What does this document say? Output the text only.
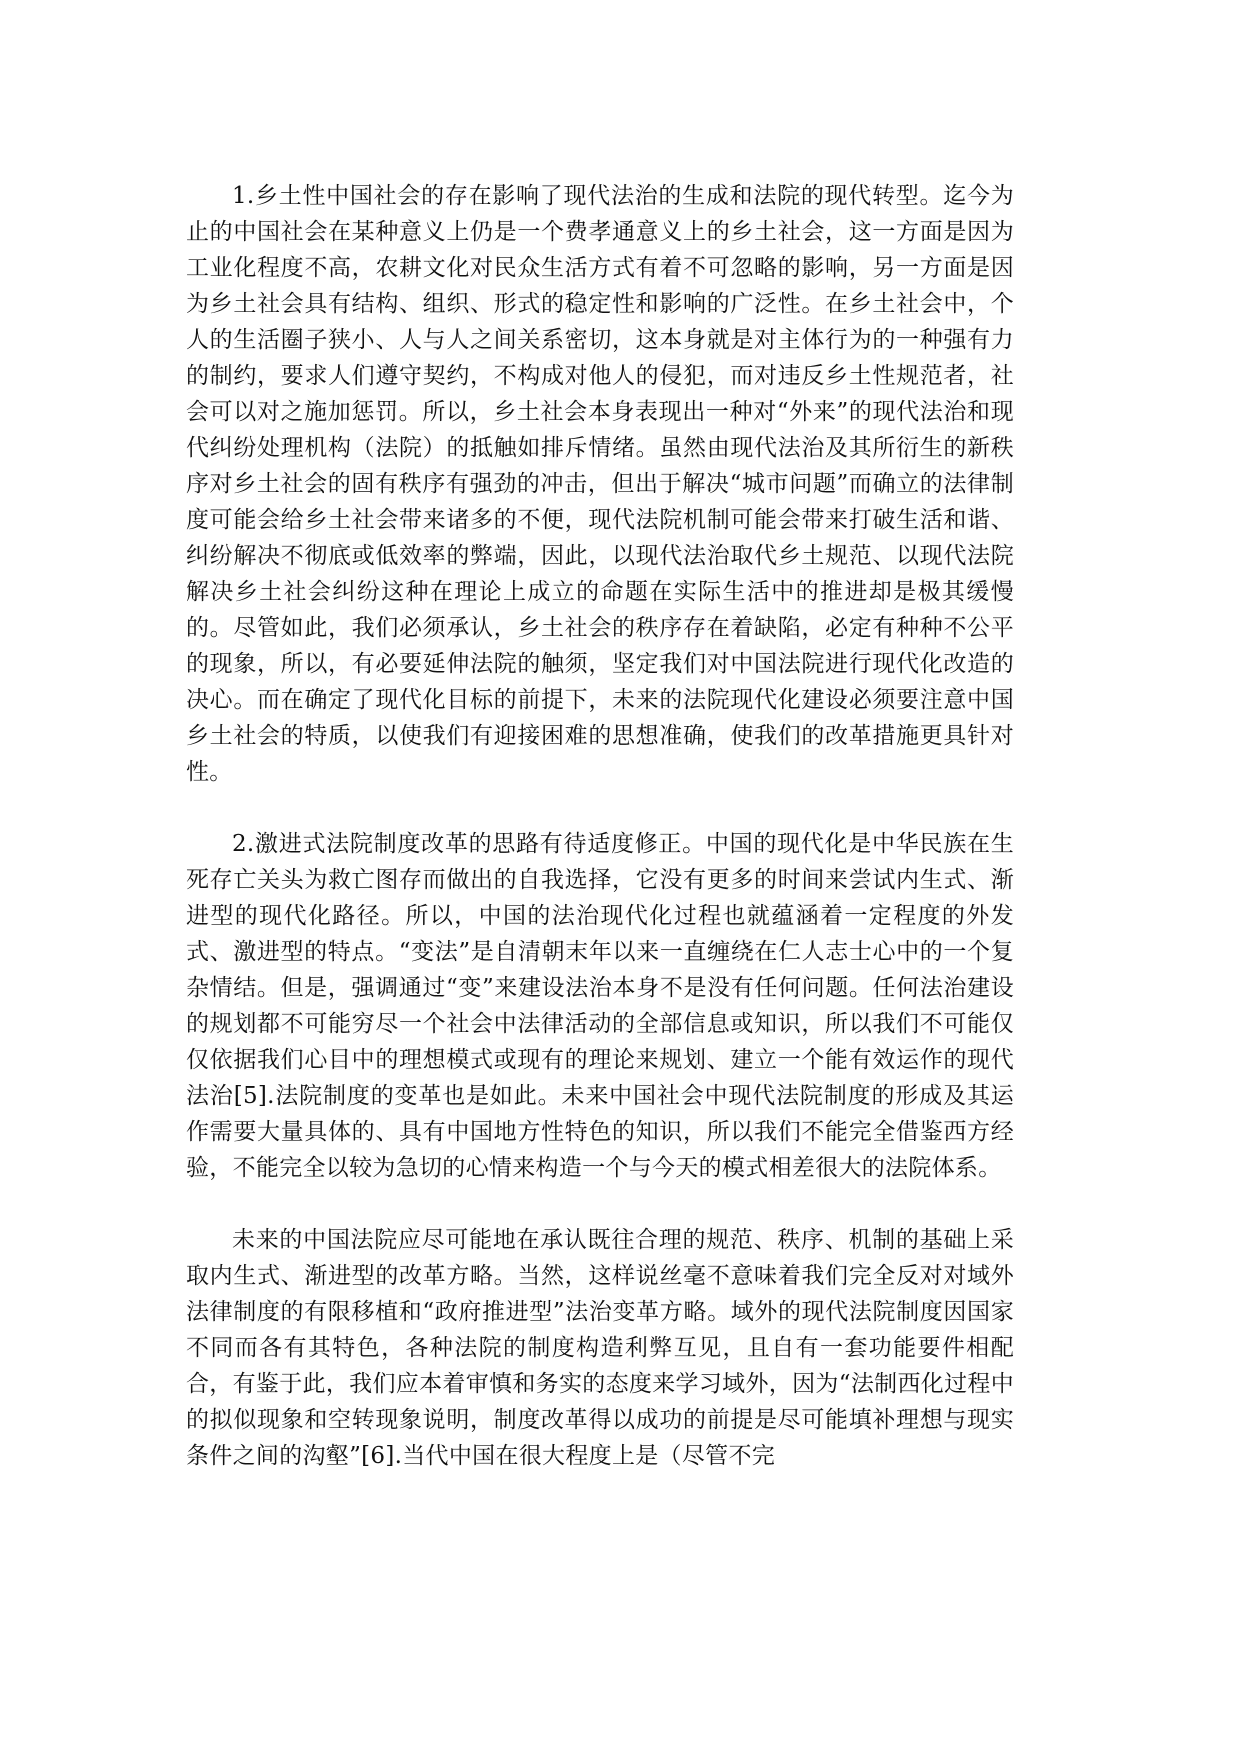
1.乡土性中国社会的存在影响了现代法治的生成和法院的现代转型。迄今为止的中国社会在某种意义上仍是一个费孝通意义上的乡土社会，这一方面是因为工业化程度不高，农耕文化对民众生活方式有着不可忽略的影响，另一方面是因为乡土社会具有结构、组织、形式的稳定性和影响的广泛性。在乡土社会中，个人的生活圈子狭小、人与人之间关系密切，这本身就是对主体行为的一种强有力的制约，要求人们遵守契约，不构成对他人的侵犯，而对违反乡土性规范者，社会可以对之施加惩罚。所以，乡土社会本身表现出一种对“外来”的现代法治和现代纠纷处理机构（法院）的抵触如排斥情绪。虽然由现代法治及其所衍生的新秩序对乡土社会的固有秩序有强劲的冲击，但出于解决“城市问题”而确立的法律制度可能会给乡土社会带来诸多的不便，现代法院机制可能会带来打破生活和谐、纠纷解决不彻底或低效率的弊端，因此，以现代法治取代乡土规范、以现代法院解决乡土社会纠纷这种在理论上成立的命题在实际生活中的推进却是极其缓慢的。尽管如此，我们必须承认，乡土社会的秩序存在着缺陷，必定有种种不公平的现象，所以，有必要延伸法院的触须，坚定我们对中国法院进行现代化改造的决心。而在确定了现代化目标的前提下，未来的法院现代化建设必须要注意中国乡土社会的特质，以使我们有迎接困难的思想准确，使我们的改革措施更具针对性。

2.激进式法院制度改革的思路有待适度修正。中国的现代化是中华民族在生死存亡关头为救亡图存而做出的自我选择，它没有更多的时间来尝试内生式、渐进型的现代化路径。所以，中国的法治现代化过程也就蕴涵着一定程度的外发式、激进型的特点。“变法”是自清朝末年以来一直缠绕在仁人志士心中的一个复杂情结。但是，强调通过“变”来建设法治本身不是没有任何问题。任何法治建设的规划都不可能穷尽一个社会中法律活动的全部信息或知识，所以我们不可能仅仅依据我们心目中的理想模式或现有的理论来规划、建立一个能有效运作的现代法治[5].法院制度的变革也是如此。未来中国社会中现代法院制度的形成及其运作需要大量具体的、具有中国地方性特色的知识，所以我们不能完全借鉴西方经验，不能完全以较为急切的心情来构造一个与今天的模式相差很大的法院体系。

未来的中国法院应尽可能地在承认既往合理的规范、秩序、机制的基础上采取内生式、渐进型的改革方略。当然，这样说丝毫不意味着我们完全反对对域外法律制度的有限移植和“政府推进型”法治变革方略。域外的现代法院制度因国家不同而各有其特色，各种法院的制度构造利弊互见，且自有一套功能要件相配合，有鉴于此，我们应本着审慎和务实的态度来学习域外，因为“法制西化过程中的拟似现象和空转现象说明，制度改革得以成功的前提是尽可能填补理想与现实条件之间的沟壑”[6].当代中国在很大程度上是（尽管不完
